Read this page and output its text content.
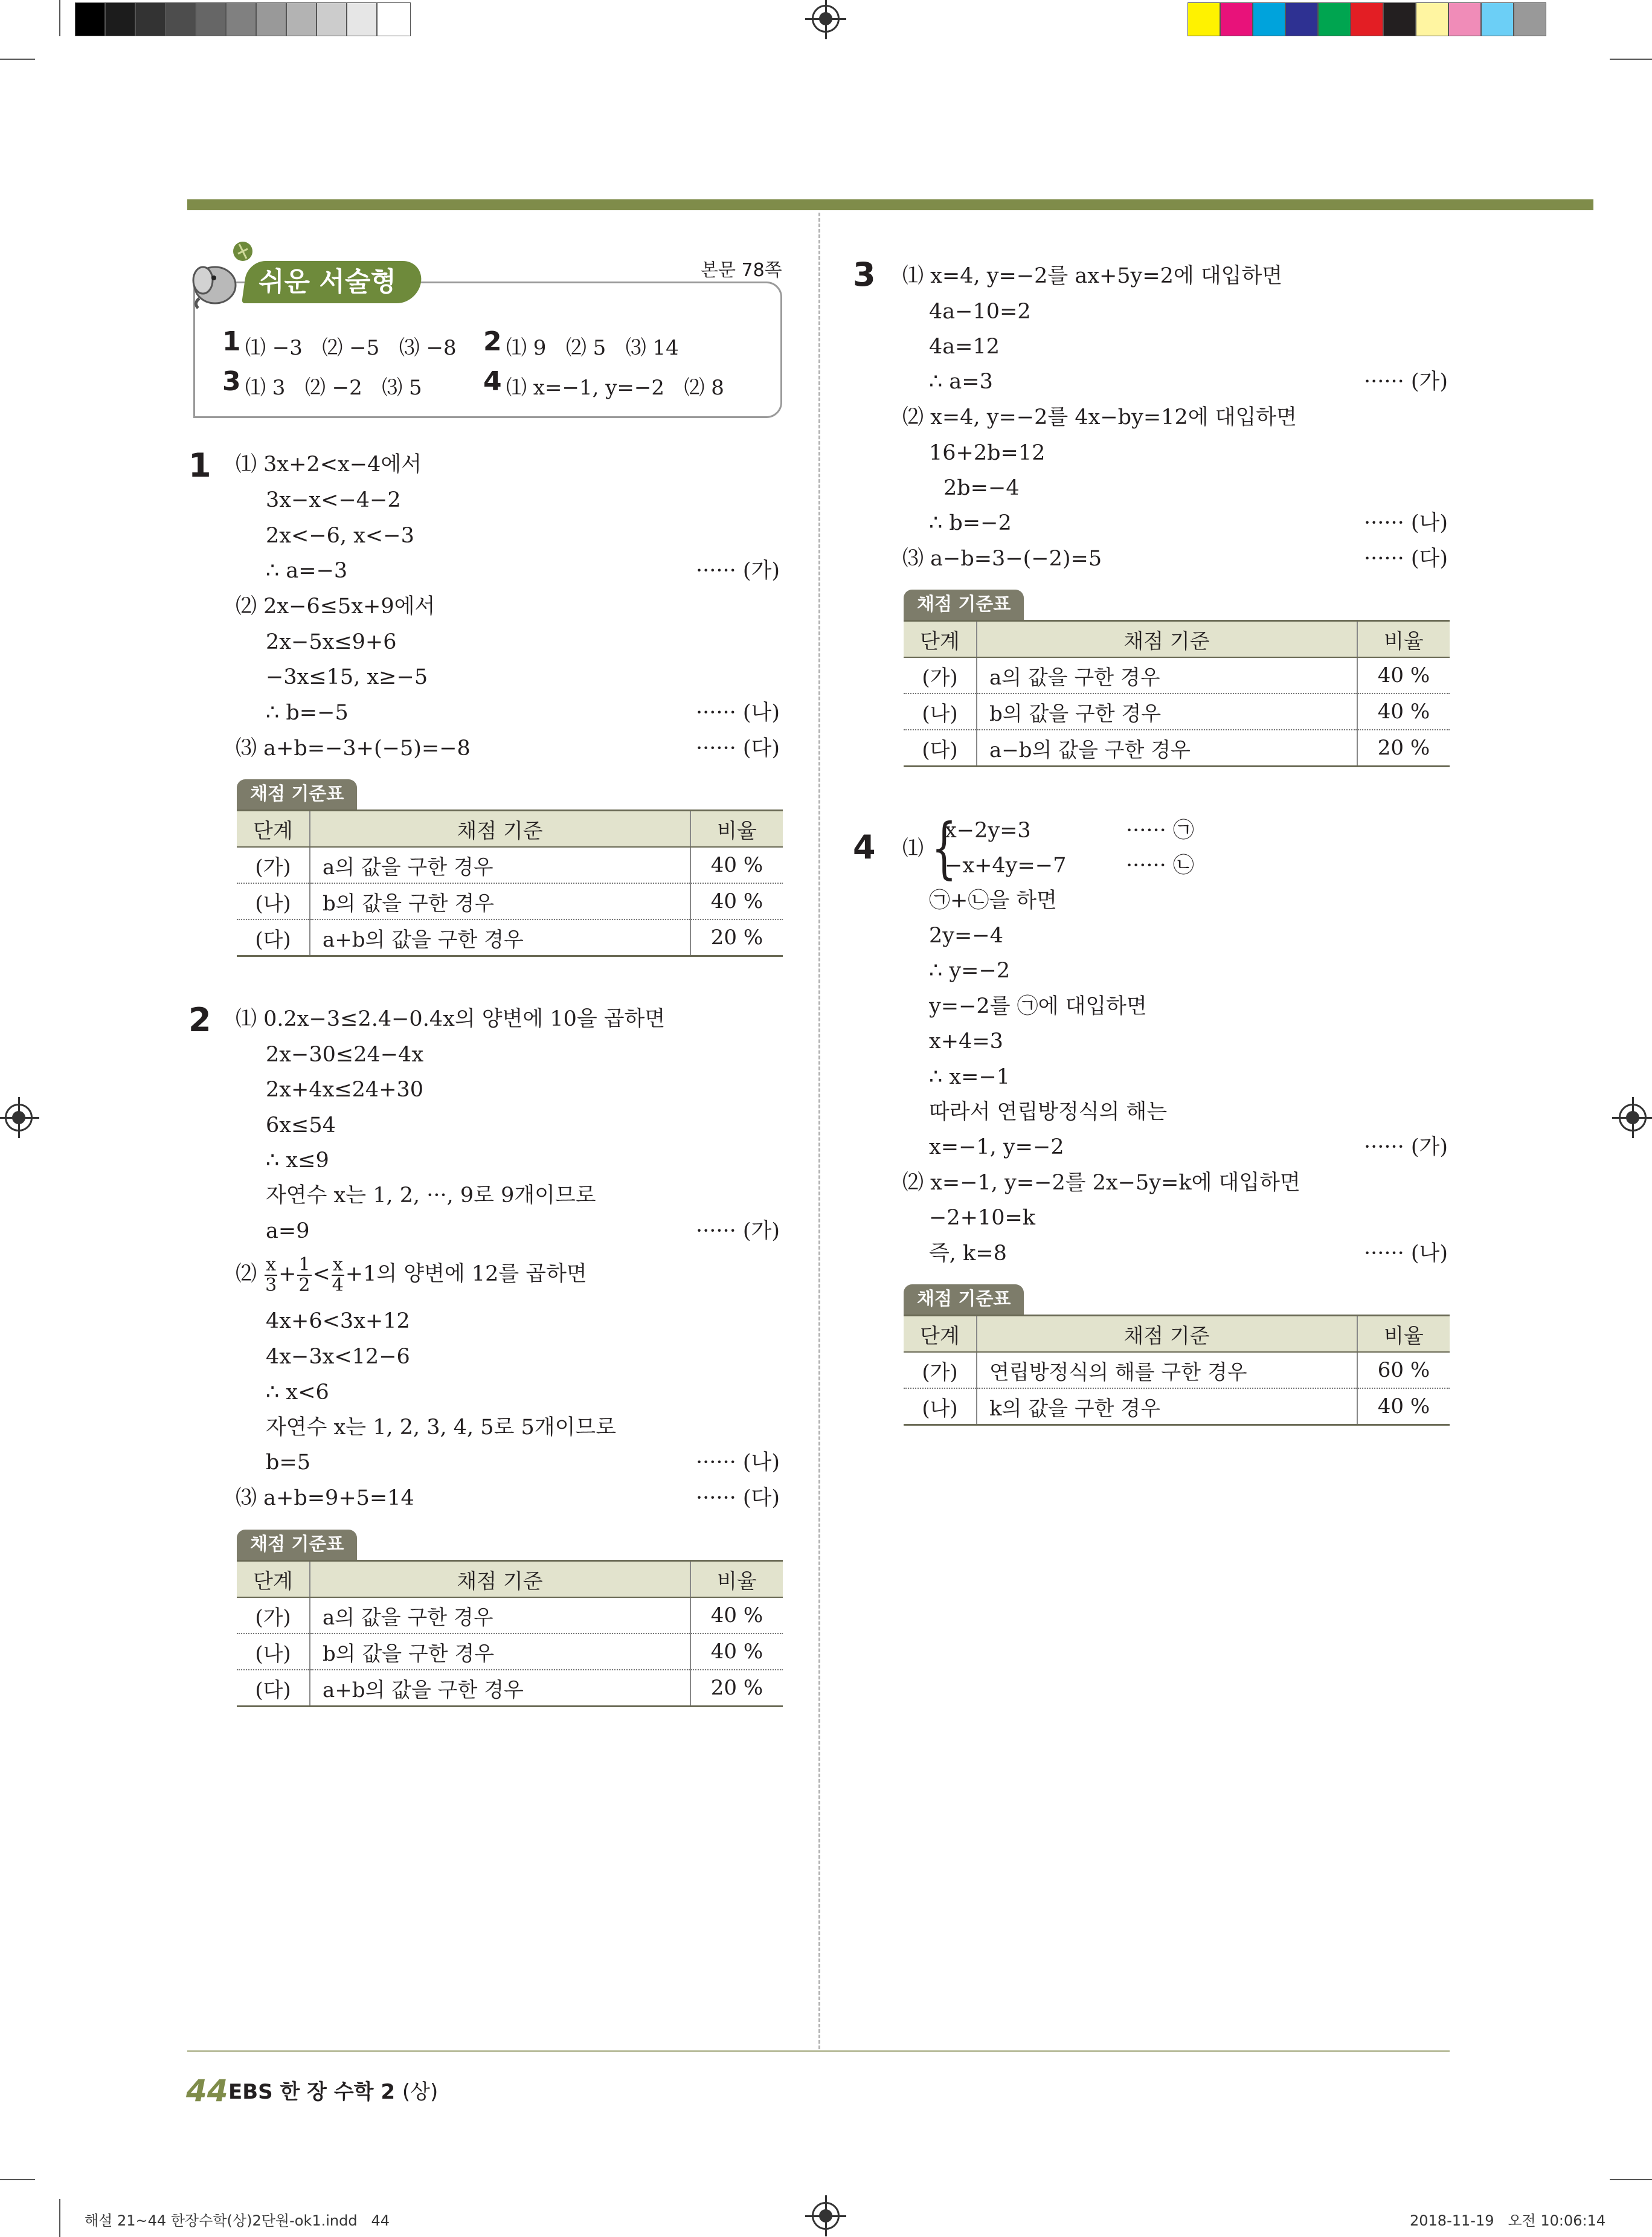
쉬운 서술형	본문 78쪽
1 ⑴ −3   ⑵ −5   ⑶ −8 2 ⑴ 9   ⑵ 5   ⑶ 14
3 ⑴ 3   ⑵ −2   ⑶ 5 4 ⑴ x=−1, y=−2   ⑵ 8
1 ⑴ 3x+2<x−4에서
3x−x<−4−2
2x<−6, x<−3
∴ a=−3
⑵ 2x−6≤5x+9에서
2x−5x≤9+6
−3x≤15, x≥−5
∴ b=−5
⑶ a+b=−3+(−5)=−8
······ (가)
······ (나)
······ (다)
채점 기준표
단계	채점 기준	비율
(가)	a의 값을 구한 경우	40 %
(나)	b의 값을 구한 경우	40 %
(다)	a+b의 값을 구한 경우	20 %
2 ⑴ 0.2x−3≤2.4−0.4x의 양변에 10을 곱하면
2x−30≤24−4x
2x+4x≤24+30
6x≤54
∴ x≤9
자연수 x는 1, 2, ···, 9로 9개이므로
a=9	······ (가)
⑵ $\frac{x}{3} + \frac{1}{2} < \frac{x}{4} +1$의 양변에 12를 곱하면
4x+6<3x+12
4x−3x<12−6
∴ x<6
자연수 x는 1, 2, 3, 4, 5로 5개이므로
b=5
⑶ a+b=9+5=14
······ (나)
······ (다)
채점 기준표
단계	채점 기준	비율
(가)	a의 값을 구한 경우	40 %
(나)	b의 값을 구한 경우	40 %
(다)	a+b의 값을 구한 경우	20 %
3 ⑴ x=4, y=−2를 ax+5y=2에 대입하면
4a−10=2
4a=12
∴ a=3
⑵ x=4, y=−2를 4x−by=12에 대입하면
16+2b=12
2b=−4
∴ b=−2
⑶ a−b=3−(−2)=5
······ (가)
······ (나)
······ (다)
채점 기준표
단계	채점 기준	비율
(가)	a의 값을 구한 경우	40 %
(나)	b의 값을 구한 경우	40 %
(다)	a−b의 값을 구한 경우	20 %
4 ⑴ {
x−2y=3
−x+4y=−7
······ ㉠
······ ㉡
㉠+㉡을 하면
2y=−4
∴ y=−2
y=−2를 ㉠에 대입하면
x+4=3
∴ x=−1
따라서 연립방정식의 해는
x=−1, y=−2
⑵ x=−1, y=−2를 2x−5y=k에 대입하면
−2+10=k
즉, k=8
······ (가)
······ (나)
채점 기준표
단계	채점 기준	비율
(가)	연립방정식의 해를 구한 경우	60 %
(나)	k의 값을 구한 경우	40 %
44 EBS 한 장 수학 2 (상)
해설 21~44 한장수학(상)2단원-ok1.indd   44	2018-11-19   오전 10:06:14
